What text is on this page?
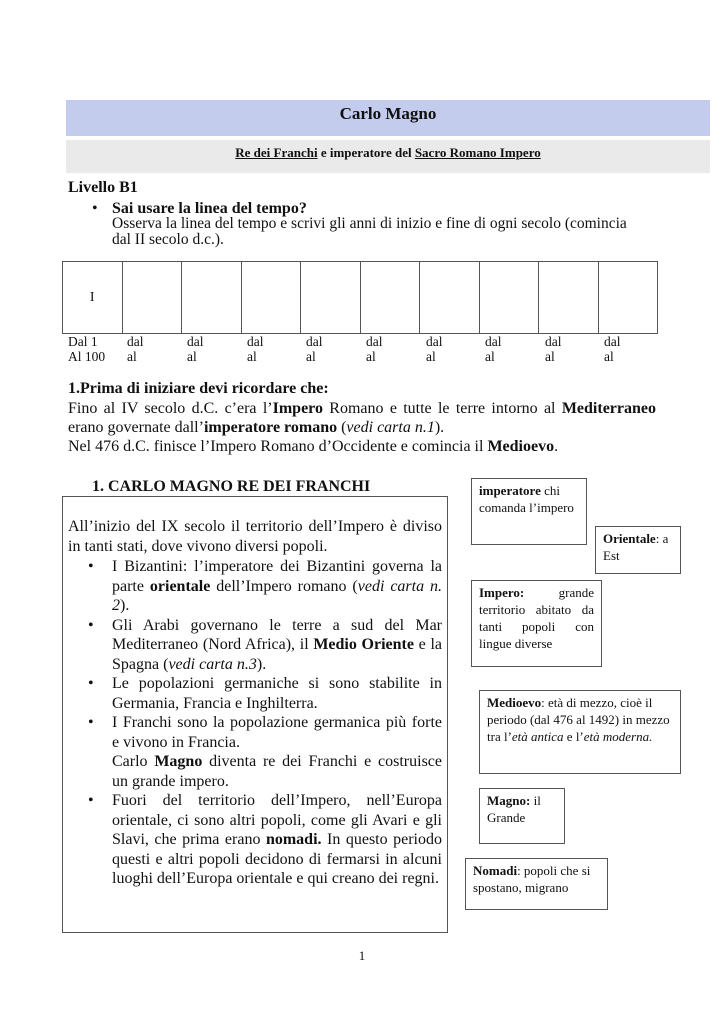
Carlo Magno
Re dei Franchi e imperatore del Sacro Romano Impero
Livello B1
• Sai usare la linea del tempo?
Osserva la linea del tempo e scrivi gli anni di inizio e fine di ogni secolo (comincia dal II secolo d.c.).
I
Dal 1
Al 100
dal
al
dal
al
dal
al
dal
al
dal
al
dal
al
dal
al
dal
al
dal
al
1.Prima di iniziare devi ricordare che:

Fino al IV secolo d.C. c’era l’Impero Romano e tutte le terre intorno al Mediterraneo erano governate dall’imperatore romano (vedi carta n.1).

Nel 476 d.C. finisce l’Impero Romano d’Occidente e comincia il Medioevo.

1. CARLO MAGNO RE DEI FRANCHI
All’inizio del IX secolo il territorio dell’Impero è diviso in tanti stati, dove vivono diversi popoli.
• I Bizantini: l’imperatore dei Bizantini governa la parte orientale dell’Impero romano (vedi carta n. 2).
• Gli Arabi governano le terre a sud del Mar Mediterraneo (Nord Africa), il Medio Oriente e la Spagna (vedi carta n.3).
• Le popolazioni germaniche si sono stabilite in Germania, Francia e Inghilterra.
• I Franchi sono la popolazione germanica più forte e vivono in Francia.
Carlo Magno diventa re dei Franchi e costruisce un grande impero.
• Fuori del territorio dell’Impero, nell’Europa orientale, ci sono altri popoli, come gli Avari e gli Slavi, che prima erano nomadi. In questo periodo questi e altri popoli decidono di fermarsi in alcuni luoghi dell’Europa orientale e qui creano dei regni.
imperatore chi comanda l’impero
Orientale: a Est
Impero: grande territorio abitato da tanti popoli con lingue diverse
Medioevo: età di mezzo, cioè il periodo (dal 476 al 1492) in mezzo tra l’età antica e l’età moderna.
Magno: il Grande
Nomadi: popoli che si spostano, migrano
1
